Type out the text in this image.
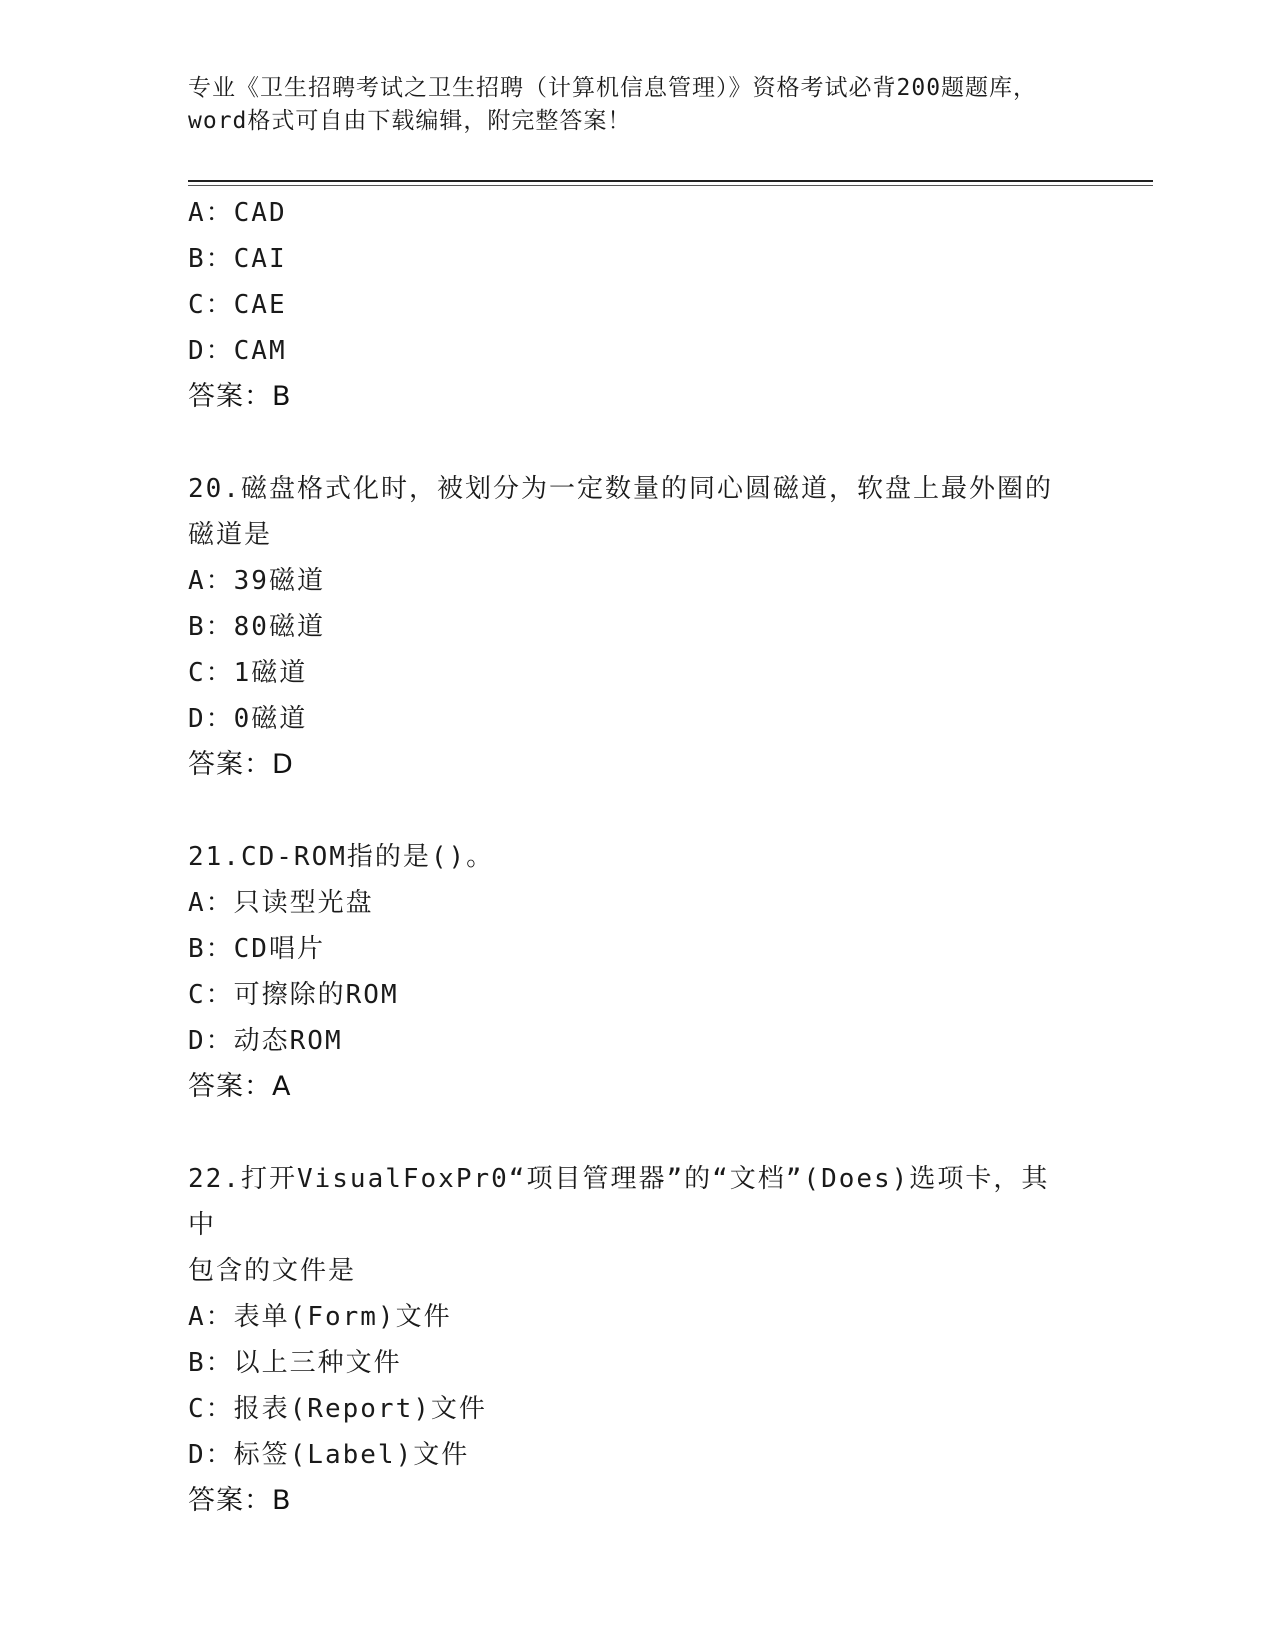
专业《卫生招聘考试之卫生招聘（计算机信息管理）》资格考试必背200题题库，
word格式可自由下载编辑，附完整答案！
A：CAD
B：CAI
C：CAE
D：CAM
答案：B
20.磁盘格式化时，被划分为一定数量的同心圆磁道，软盘上最外圈的
磁道是
A：39磁道
B：80磁道
C：1磁道
D：0磁道
答案：D
21.CD-ROM指的是()。
A：只读型光盘
B：CD唱片
C：可擦除的ROM
D：动态ROM
答案：A
22.打开VisualFoxPr0“项目管理器”的“文档”(Does)选项卡，其中
包含的文件是
A：表单(Form)文件
B：以上三种文件
C：报表(Report)文件
D：标签(Label)文件
答案：B
